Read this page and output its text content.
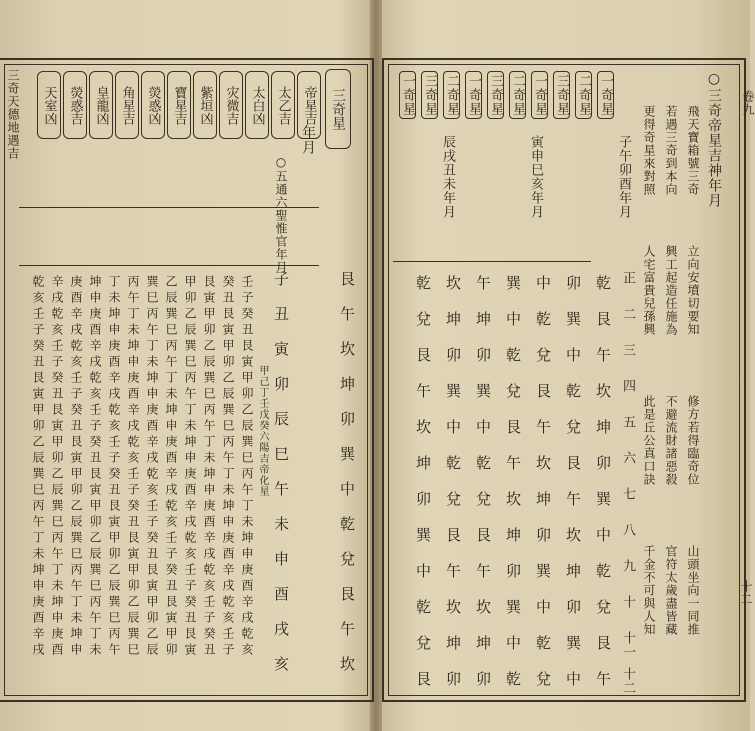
三奇天德地遇吉	帝星吉
太乙吉
太白凶
灾微吉
紫垣凶
寶星吉
熒惑凶
角星吉
皇龍凶
熒惑吉
天室凶	三奇星
年月
○五通六聖惟官年月
甲己丁壬戊癸六陽吉帝化星
子
丑
寅
卯
辰
巳
午
未
申
酉
戌
亥
艮
午
坎
坤
卯
巽
中
乾
兌
艮
午
坎
壬子癸丑艮寅甲卯乙辰巽巳丙午丁未坤申庚酉辛戌乾亥
癸丑艮寅甲卯乙辰巽巳丙午丁未坤申庚酉辛戌乾亥壬子
艮寅甲卯乙辰巽巳丙午丁未坤申庚酉辛戌乾亥壬子癸丑
甲卯乙辰巽巳丙午丁未坤申庚酉辛戌乾亥壬子癸丑艮寅
乙辰巽巳丙午丁未坤申庚酉辛戌乾亥壬子癸丑艮寅甲卯
巽巳丙午丁未坤申庚酉辛戌乾亥壬子癸丑艮寅甲卯乙辰
丙午丁未坤申庚酉辛戌乾亥壬子癸丑艮寅甲卯乙辰巽巳
丁未坤申庚酉辛戌乾亥壬子癸丑艮寅甲卯乙辰巽巳丙午
坤申庚酉辛戌乾亥壬子癸丑艮寅甲卯乙辰巽巳丙午丁未
庚酉辛戌乾亥壬子癸丑艮寅甲卯乙辰巽巳丙午丁未坤申
辛戌乾亥壬子癸丑艮寅甲卯乙辰巽巳丙午丁未坤申庚酉
乾亥壬子癸丑艮寅甲卯乙辰巽巳丙午丁未坤申庚酉辛戌
○三奇帝星吉神年月
飛天寶箱號三奇
若遇三奇到本向
更得奇星來對照
立向安墳切要知
興工起造任施為
人宅富貴兒孫興
修方若得臨奇位
不避流財諸惡殺
此是丘公真口訣
山頭坐向一同推
官符太歲盡皆藏
千金不可與人知
一奇星
二奇星
三奇星
一奇星
二奇星
三奇星
一奇星
二奇星
三奇星
一奇星
子午卯酉年月
寅申巳亥年月
辰戌丑未年月
正
二
三
四
五
六
七
八
九
十
十一
十二
乾
艮
午
坎
坤
卯
巽
中
乾
兌
艮
午
卯
巽
中
乾
兌
艮
午
坎
坤
卯
巽
中
中
乾
兌
艮
午
坎
坤
卯
巽
中
乾
兌
巽
中
乾
兌
艮
午
坎
坤
卯
巽
中
乾
午
坤
卯
巽
中
乾
兌
艮
午
坎
坤
卯
坎
坤
卯
巽
中
乾
兌
艮
午
坎
坤
卯
乾
兌
艮
午
坎
坤
卯
巽
中
乾
兌
艮
卷九
十二
